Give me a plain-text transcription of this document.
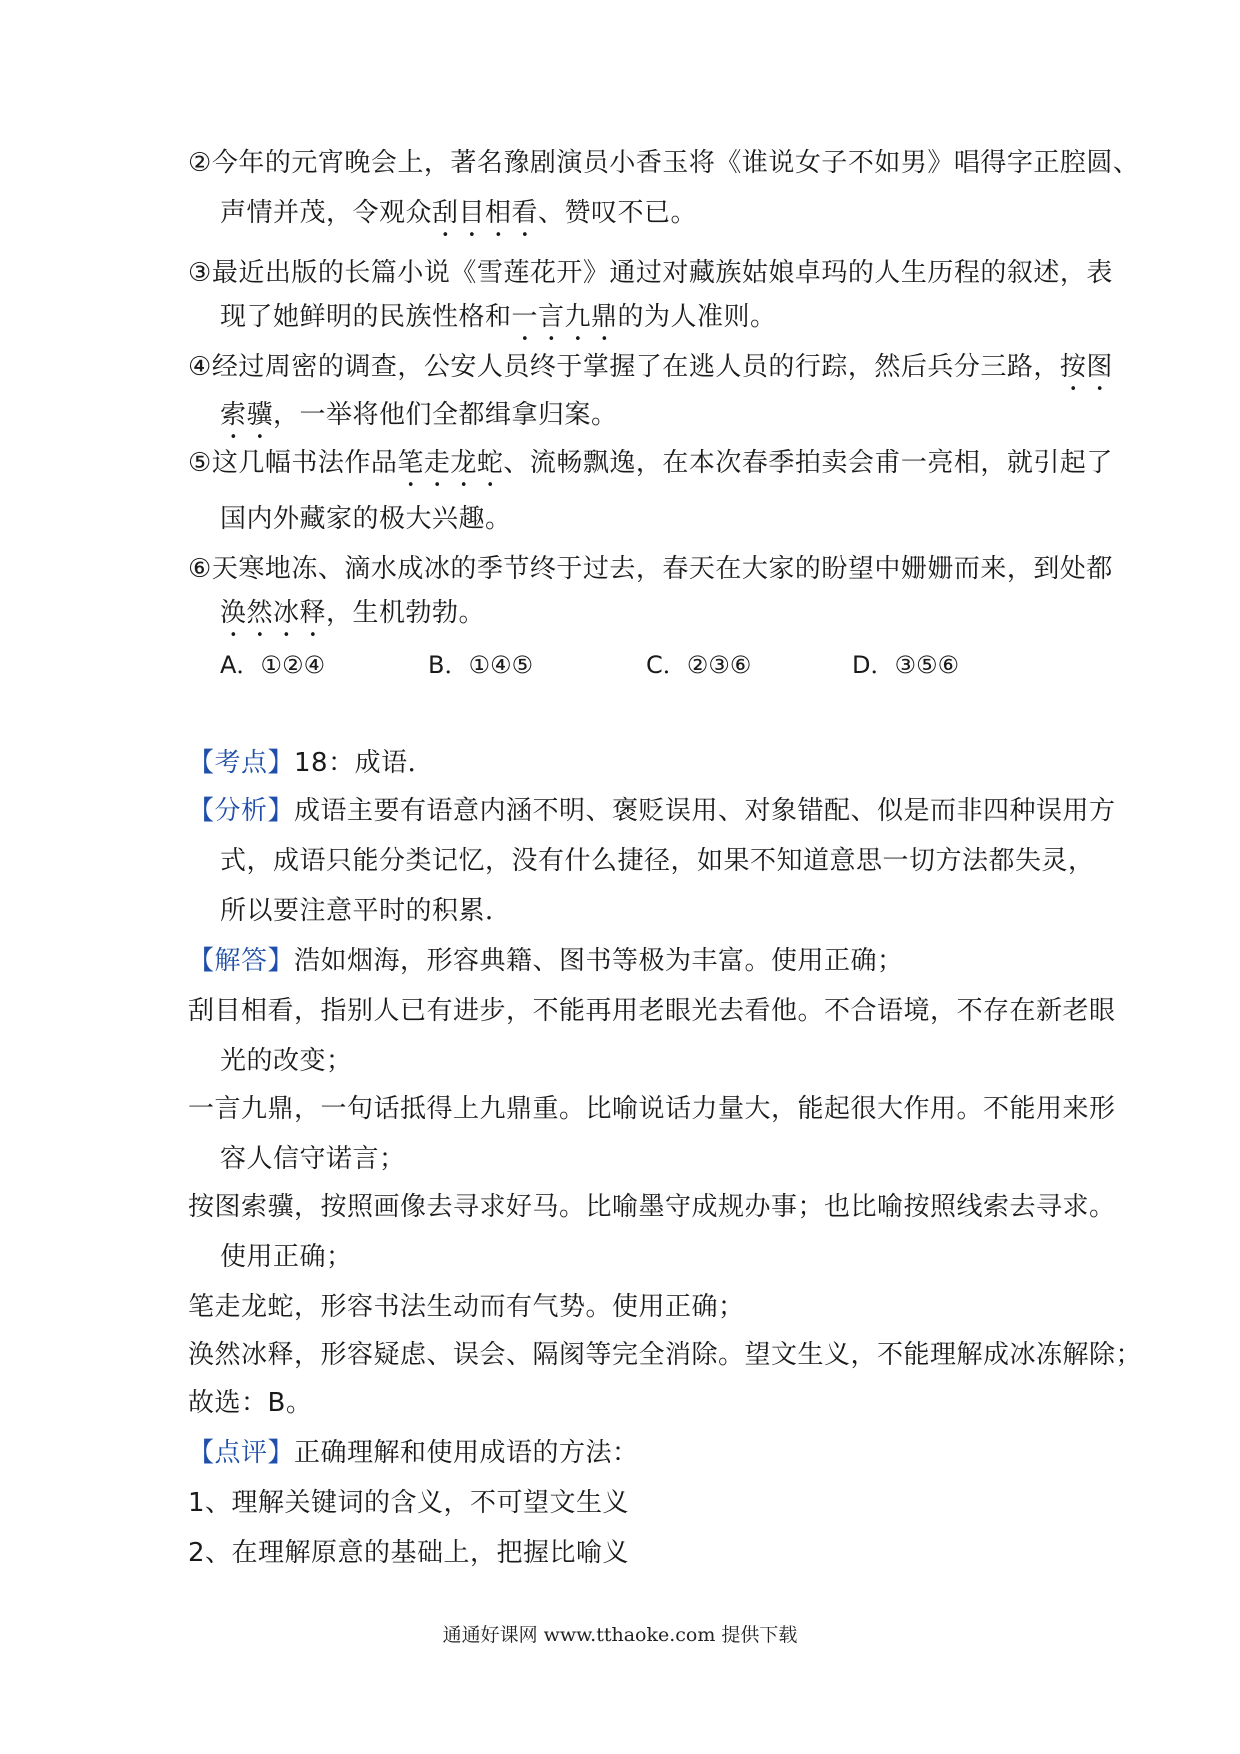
②今年的元宵晚会上，著名豫剧演员小香玉将《谁说女子不如男》唱得字正腔圆、
声情并茂，令观众刮目相看、赞叹不已。
③最近出版的长篇小说《雪莲花开》通过对藏族姑娘卓玛的人生历程的叙述，表
现了她鲜明的民族性格和一言九鼎的为人准则。
④经过周密的调查，公安人员终于掌握了在逃人员的行踪，然后兵分三路，按图
索骥，一举将他们全都缉拿归案。
⑤这几幅书法作品笔走龙蛇、流畅飘逸，在本次春季拍卖会甫一亮相，就引起了
国内外藏家的极大兴趣。
⑥天寒地冻、滴水成冰的季节终于过去，春天在大家的盼望中姗姗而来，到处都
涣然冰释，生机勃勃。
A．①②④	B．①④⑤	C．②③⑥	D．③⑤⑥
【考点】18：成语．
【分析】成语主要有语意内涵不明、褒贬误用、对象错配、似是而非四种误用方
式，成语只能分类记忆，没有什么捷径，如果不知道意思一切方法都失灵，
所以要注意平时的积累．
【解答】浩如烟海，形容典籍、图书等极为丰富。使用正确；
刮目相看，指别人已有进步，不能再用老眼光去看他。不合语境，不存在新老眼
光的改变；
一言九鼎，一句话抵得上九鼎重。比喻说话力量大，能起很大作用。不能用来形
容人信守诺言；
按图索骥，按照画像去寻求好马。比喻墨守成规办事；也比喻按照线索去寻求。
使用正确；
笔走龙蛇，形容书法生动而有气势。使用正确；
涣然冰释，形容疑虑、误会、隔阂等完全消除。望文生义，不能理解成冰冻解除；
故选：B。
【点评】正确理解和使用成语的方法：
1、理解关键词的含义，不可望文生义
2、在理解原意的基础上，把握比喻义
通通好课网 www.tthaoke.com 提供下载
